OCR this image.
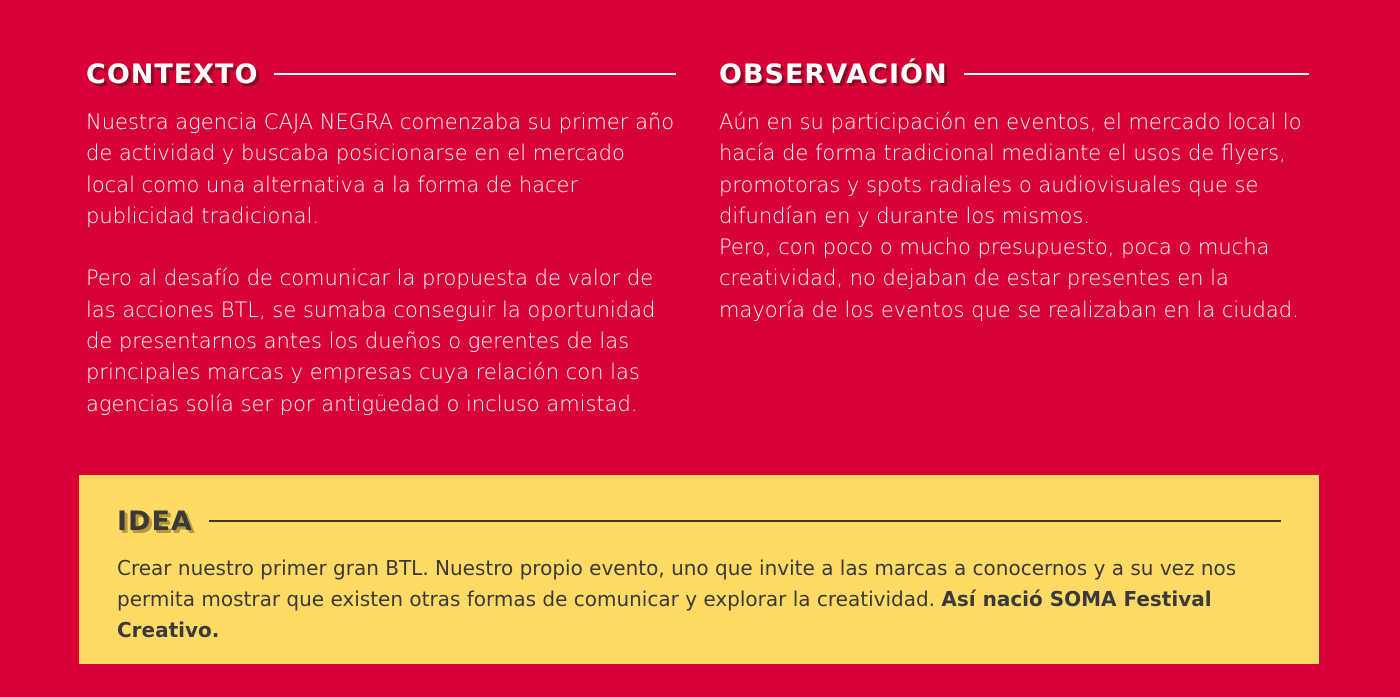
CONTEXTO

Nuestra agencia CAJA NEGRA comenzaba su primer año de actividad y buscaba posicionarse en el mercado local como una alternativa a la forma de hacer publicidad tradicional.

Pero al desafío de comunicar la propuesta de valor de las acciones BTL, se sumaba conseguir la oportunidad de presentarnos antes los dueños o gerentes de las principales marcas y empresas cuya relación con las agencias solía ser por antigüedad o incluso amistad.

OBSERVACIÓN

Aún en su participación en eventos, el mercado local lo hacía de forma tradicional mediante el usos de flyers, promotoras y spots radiales o audiovisuales que se difundían en y durante los mismos.

Pero, con poco o mucho presupuesto, poca o mucha creatividad, no dejaban de estar presentes en la mayoría de los eventos que se realizaban en la ciudad.

IDEA

Crear nuestro primer gran BTL. Nuestro propio evento, uno que invite a las marcas a conocernos y a su vez nos permita mostrar que existen otras formas de comunicar y explorar la creatividad. Así nació SOMA Festival Creativo.
